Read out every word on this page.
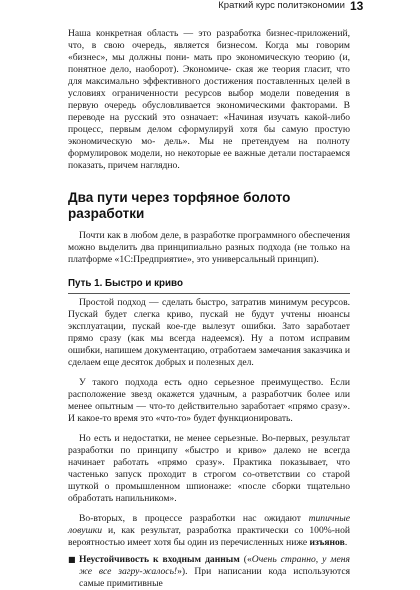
Краткий курс политэкономии 13

Наша конкретная область — это разработка бизнес-приложений, что, в свою очередь, является бизнесом. Когда мы говорим «бизнес», мы должны пони- мать про экономическую теорию (и, понятное дело, наоборот). Экономиче- ская же теория гласит, что для максимально эффективного достижения поставленных целей в условиях ограниченности ресурсов выбор модели поведения в первую очередь обусловливается экономическими факторами. В переводе на русский это означает: «Начиная изучать какой-либо процесс, первым делом сформулируй хотя бы самую простую экономическую мо- дель». Мы не претендуем на полноту формулировок модели, но некоторые ее важные детали постараемся показать, причем наглядно.

Два пути через торфяное болото разработки

Почти как в любом деле, в разработке программного обеспечения можно выделить два принципиально разных подхода (не только на платформе «1С:Предприятие», это универсальный принцип).

Путь 1. Быстро и криво

Простой подход — сделать быстро, затратив минимум ресурсов. Пускай будет слегка криво, пускай не будут учтены нюансы эксплуатации, пускай кое-где вылезут ошибки. Зато заработает прямо сразу (как мы всегда надеемся). Ну а потом исправим ошибки, напишем документацию, отработаем замечания заказчика и сделаем еще десяток добрых и полезных дел.

У такого подхода есть одно серьезное преимущество. Если расположение звезд окажется удачным, а разработчик более или менее опытным — что-то действительно заработает «прямо сразу». И какое-то время это «что-то» будет функционировать.

Но есть и недостатки, не менее серьезные. Во-первых, результат разработки по принципу «быстро и криво» далеко не всегда начинает работать «прямо сразу». Практика показывает, что частенько запуск проходит в строгом со-ответствии со старой шуткой о промышленном шпионаже: «после сборки тщательно обработать напильником».

Во-вторых, в процессе разработки нас ожидают типичные ловушки и, как результат, разработка практически со 100%-ной вероятностью имеет хотя бы один из перечисленных ниже изъянов.

■ Неустойчивость к входным данным («Очень странно, у меня же все загру-жалось!»). При написании кода используются самые примитивные
